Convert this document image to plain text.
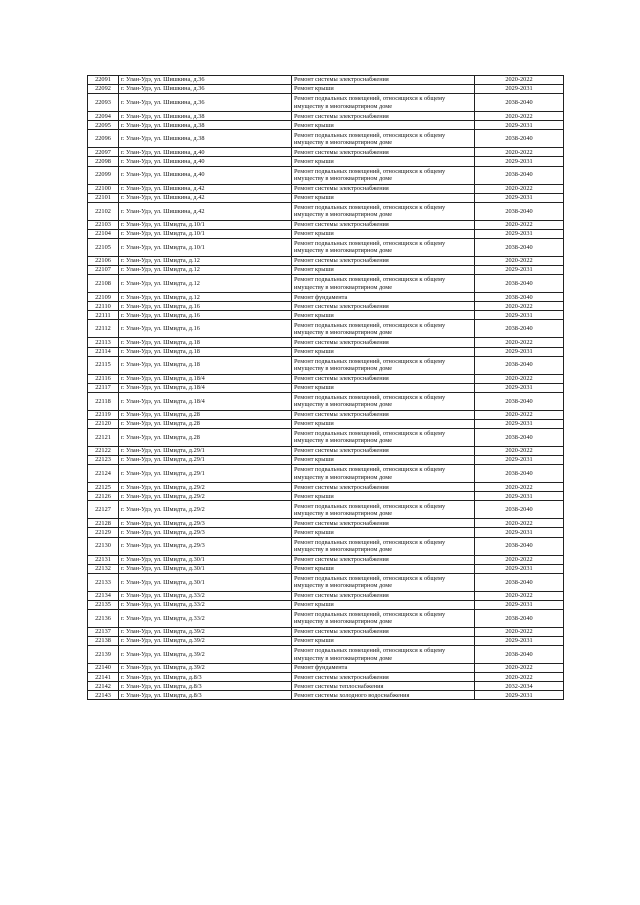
22091	г. Улан-Удэ, ул. Шишкина, д.36	Ремонт системы электроснабжения	2020-2022
22092	г. Улан-Удэ, ул. Шишкина, д.36	Ремонт крыши	2029-2031
22093	г. Улан-Удэ, ул. Шишкина, д.36	Ремонт подвальных помещений, относящихся к общему имуществу в многоквартирном доме	2038-2040
22094	г. Улан-Удэ, ул. Шишкина, д.38	Ремонт системы электроснабжения	2020-2022
22095	г. Улан-Удэ, ул. Шишкина, д.38	Ремонт крыши	2029-2031
22096	г. Улан-Удэ, ул. Шишкина, д.38	Ремонт подвальных помещений, относящихся к общему имуществу в многоквартирном доме	2038-2040
22097	г. Улан-Удэ, ул. Шишкина, д.40	Ремонт системы электроснабжения	2020-2022
22098	г. Улан-Удэ, ул. Шишкина, д.40	Ремонт крыши	2029-2031
22099	г. Улан-Удэ, ул. Шишкина, д.40	Ремонт подвальных помещений, относящихся к общему имуществу в многоквартирном доме	2038-2040
22100	г. Улан-Удэ, ул. Шишкина, д.42	Ремонт системы электроснабжения	2020-2022
22101	г. Улан-Удэ, ул. Шишкина, д.42	Ремонт крыши	2029-2031
22102	г. Улан-Удэ, ул. Шишкина, д.42	Ремонт подвальных помещений, относящихся к общему имуществу в многоквартирном доме	2038-2040
22103	г. Улан-Удэ, ул. Шмидта, д.10/1	Ремонт системы электроснабжения	2020-2022
22104	г. Улан-Удэ, ул. Шмидта, д.10/1	Ремонт крыши	2029-2031
22105	г. Улан-Удэ, ул. Шмидта, д.10/1	Ремонт подвальных помещений, относящихся к общему имуществу в многоквартирном доме	2038-2040
22106	г. Улан-Удэ, ул. Шмидта, д.12	Ремонт системы электроснабжения	2020-2022
22107	г. Улан-Удэ, ул. Шмидта, д.12	Ремонт крыши	2029-2031
22108	г. Улан-Удэ, ул. Шмидта, д.12	Ремонт подвальных помещений, относящихся к общему имуществу в многоквартирном доме	2038-2040
22109	г. Улан-Удэ, ул. Шмидта, д.12	Ремонт фундамента	2038-2040
22110	г. Улан-Удэ, ул. Шмидта, д.16	Ремонт системы электроснабжения	2020-2022
22111	г. Улан-Удэ, ул. Шмидта, д.16	Ремонт крыши	2029-2031
22112	г. Улан-Удэ, ул. Шмидта, д.16	Ремонт подвальных помещений, относящихся к общему имуществу в многоквартирном доме	2038-2040
22113	г. Улан-Удэ, ул. Шмидта, д.18	Ремонт системы электроснабжения	2020-2022
22114	г. Улан-Удэ, ул. Шмидта, д.18	Ремонт крыши	2029-2031
22115	г. Улан-Удэ, ул. Шмидта, д.18	Ремонт подвальных помещений, относящихся к общему имуществу в многоквартирном доме	2038-2040
22116	г. Улан-Удэ, ул. Шмидта, д.18/4	Ремонт системы электроснабжения	2020-2022
22117	г. Улан-Удэ, ул. Шмидта, д.18/4	Ремонт крыши	2029-2031
22118	г. Улан-Удэ, ул. Шмидта, д.18/4	Ремонт подвальных помещений, относящихся к общему имуществу в многоквартирном доме	2038-2040
22119	г. Улан-Удэ, ул. Шмидта, д.28	Ремонт системы электроснабжения	2020-2022
22120	г. Улан-Удэ, ул. Шмидта, д.28	Ремонт крыши	2029-2031
22121	г. Улан-Удэ, ул. Шмидта, д.28	Ремонт подвальных помещений, относящихся к общему имуществу в многоквартирном доме	2038-2040
22122	г. Улан-Удэ, ул. Шмидта, д.29/1	Ремонт системы электроснабжения	2020-2022
22123	г. Улан-Удэ, ул. Шмидта, д.29/1	Ремонт крыши	2029-2031
22124	г. Улан-Удэ, ул. Шмидта, д.29/1	Ремонт подвальных помещений, относящихся к общему имуществу в многоквартирном доме	2038-2040
22125	г. Улан-Удэ, ул. Шмидта, д.29/2	Ремонт системы электроснабжения	2020-2022
22126	г. Улан-Удэ, ул. Шмидта, д.29/2	Ремонт крыши	2029-2031
22127	г. Улан-Удэ, ул. Шмидта, д.29/2	Ремонт подвальных помещений, относящихся к общему имуществу в многоквартирном доме	2038-2040
22128	г. Улан-Удэ, ул. Шмидта, д.29/3	Ремонт системы электроснабжения	2020-2022
22129	г. Улан-Удэ, ул. Шмидта, д.29/3	Ремонт крыши	2029-2031
22130	г. Улан-Удэ, ул. Шмидта, д.29/3	Ремонт подвальных помещений, относящихся к общему имуществу в многоквартирном доме	2038-2040
22131	г. Улан-Удэ, ул. Шмидта, д.30/1	Ремонт системы электроснабжения	2020-2022
22132	г. Улан-Удэ, ул. Шмидта, д.30/1	Ремонт крыши	2029-2031
22133	г. Улан-Удэ, ул. Шмидта, д.30/1	Ремонт подвальных помещений, относящихся к общему имуществу в многоквартирном доме	2038-2040
22134	г. Улан-Удэ, ул. Шмидта, д.33/2	Ремонт системы электроснабжения	2020-2022
22135	г. Улан-Удэ, ул. Шмидта, д.33/2	Ремонт крыши	2029-2031
22136	г. Улан-Удэ, ул. Шмидта, д.33/2	Ремонт подвальных помещений, относящихся к общему имуществу в многоквартирном доме	2038-2040
22137	г. Улан-Удэ, ул. Шмидта, д.39/2	Ремонт системы электроснабжения	2020-2022
22138	г. Улан-Удэ, ул. Шмидта, д.39/2	Ремонт крыши	2029-2031
22139	г. Улан-Удэ, ул. Шмидта, д.39/2	Ремонт подвальных помещений, относящихся к общему имуществу в многоквартирном доме	2038-2040
22140	г. Улан-Удэ, ул. Шмидта, д.39/2	Ремонт фундамента	2020-2022
22141	г. Улан-Удэ, ул. Шмидта, д.8/3	Ремонт системы электроснабжения	2020-2022
22142	г. Улан-Удэ, ул. Шмидта, д.8/3	Ремонт системы теплоснабжения	2032-2034
22143	г. Улан-Удэ, ул. Шмидта, д.8/3	Ремонт системы холодного водоснабжения	2029-2031
